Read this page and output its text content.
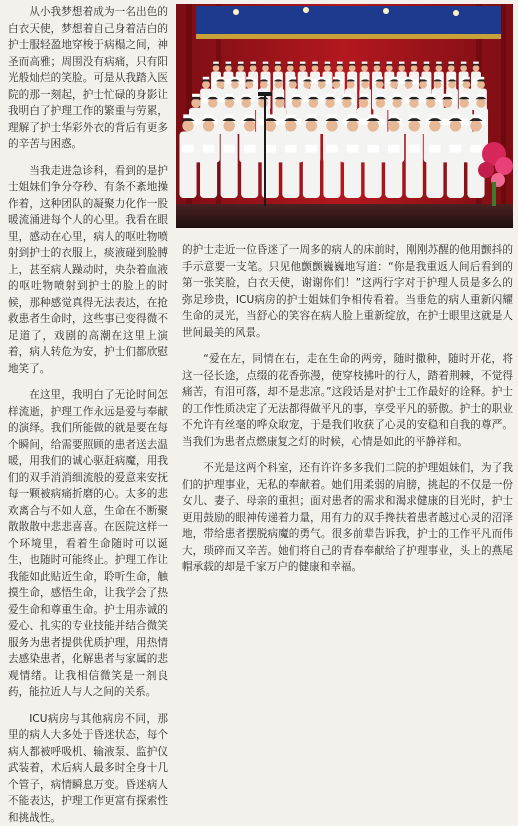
从小我梦想着成为一名出色的白衣天使，梦想着自己身着洁白的护士服轻盈地穿梭于病榻之间，神圣而高雅；周围没有病痛，只有阳光般灿烂的笑脸。可是从我踏入医院的那一刻起，护士忙碌的身影让我明白了护理工作的繁重与劳累，理解了护士华彩外衣的背后有更多的辛苦与困惑。

当我走进急诊科，看到的是护士姐妹们争分夺秒、有条不紊地操作着，这种团队的凝聚力化作一股暖流涌进每个人的心里。我看在眼里，感动在心里，病人的呕吐物喷射到护士的衣服上，痰液碰到脸膊上，甚至病人躁动时，央杂着血液的呕吐物喷射到护士的脸上的时候，那种感觉真得无法表达，在抢救患者生命时，这些事已变得微不足道了，戏剧的高潮在这里上演着，病人转危为安，护士们都欣慰地笑了。

在这里，我明白了无论时间怎样流逝，护理工作永远是爱与奉献的演绎。我们所能做的就是要在每个瞬间，给需要照顾的患者送去温暖，用我们的诚心驱赶病魔，用我们的双手消消细流般的爱意来安抚每一颗被病痛折磨的心。太多的悲欢离合与不如人意，生命在不断聚散散散中悲悲喜喜。在医院这样一个环境里，看着生命随时可以诞生，也随时可能终止。护理工作让我能如此贴近生命，聆听生命，触摸生命，感悟生命，让我学会了热爱生命和尊重生命。护士用赤诚的爱心、扎实的专业技能并结合微笑服务为患者提供优质护理，用热情去感染患者，化解患者与家属的悲观情绪。让我相信微笑是一剂良药，能拉近人与人之间的关系。

ICU病房与其他病房不同，那里的病人大多处于昏迷状态，每个病人都被呼吸机、输液泵、监护仪武装着，术后病人最多时全身十几个管子，病情瞬息万变。昏迷病人不能表达，护理工作更富有探索性和挑战性。

的护士走近一位昏迷了一周多的病人的床前时，刚刚苏醒的他用颤抖的手示意要一支笔。只见他颤颤巍巍地写道：“你是我重返人间后看到的第一张笑脸，白衣天使，谢谢你们！”这两行字对于护理人员是多么的弥足珍贵，ICU病房的护士姐妹们争相传看着。当垂危的病人重新闪耀生命的灵光，当舒心的笑容在病人脸上重新绽放，在护士眼里这就是人世间最美的风景。

“爱在左，同情在右，走在生命的两旁，随时撒种，随时开花，将这一径长途，点缀的花香弥漫，使穿枝拂叶的行人，踏着荆棘，不觉得痛苦，有泪可落，却不是悲凉。”这段话是对护士工作最好的诠释。护士的工作性质决定了无法都得做平凡的事，享受平凡的骄傲。护士的职业不允许有丝毫的哗众取宠，于是我们收获了心灵的安稳和自我的尊严。当我们为患者点燃康复之灯的时候，心情是如此的平静祥和。

不光是这两个科室，还有许许多多我们二院的护理姐妹们，为了我们的护理事业，无私的奉献着。她们用柔弱的肩膀，挑起的不仅是一份女儿、妻子、母亲的重担；面对患者的需求和渴求健康的目光时，护士更用鼓励的眼神传递着力量，用有力的双手搀扶着患者越过心灵的沼泽地，带给患者摆脱病魔的勇气。很多前辈告诉我，护士的工作平凡而伟大，琐碎而又辛苦。她们将自己的青春奉献给了护理事业，头上的燕尾帽承载的却是千家万户的健康和幸福。
